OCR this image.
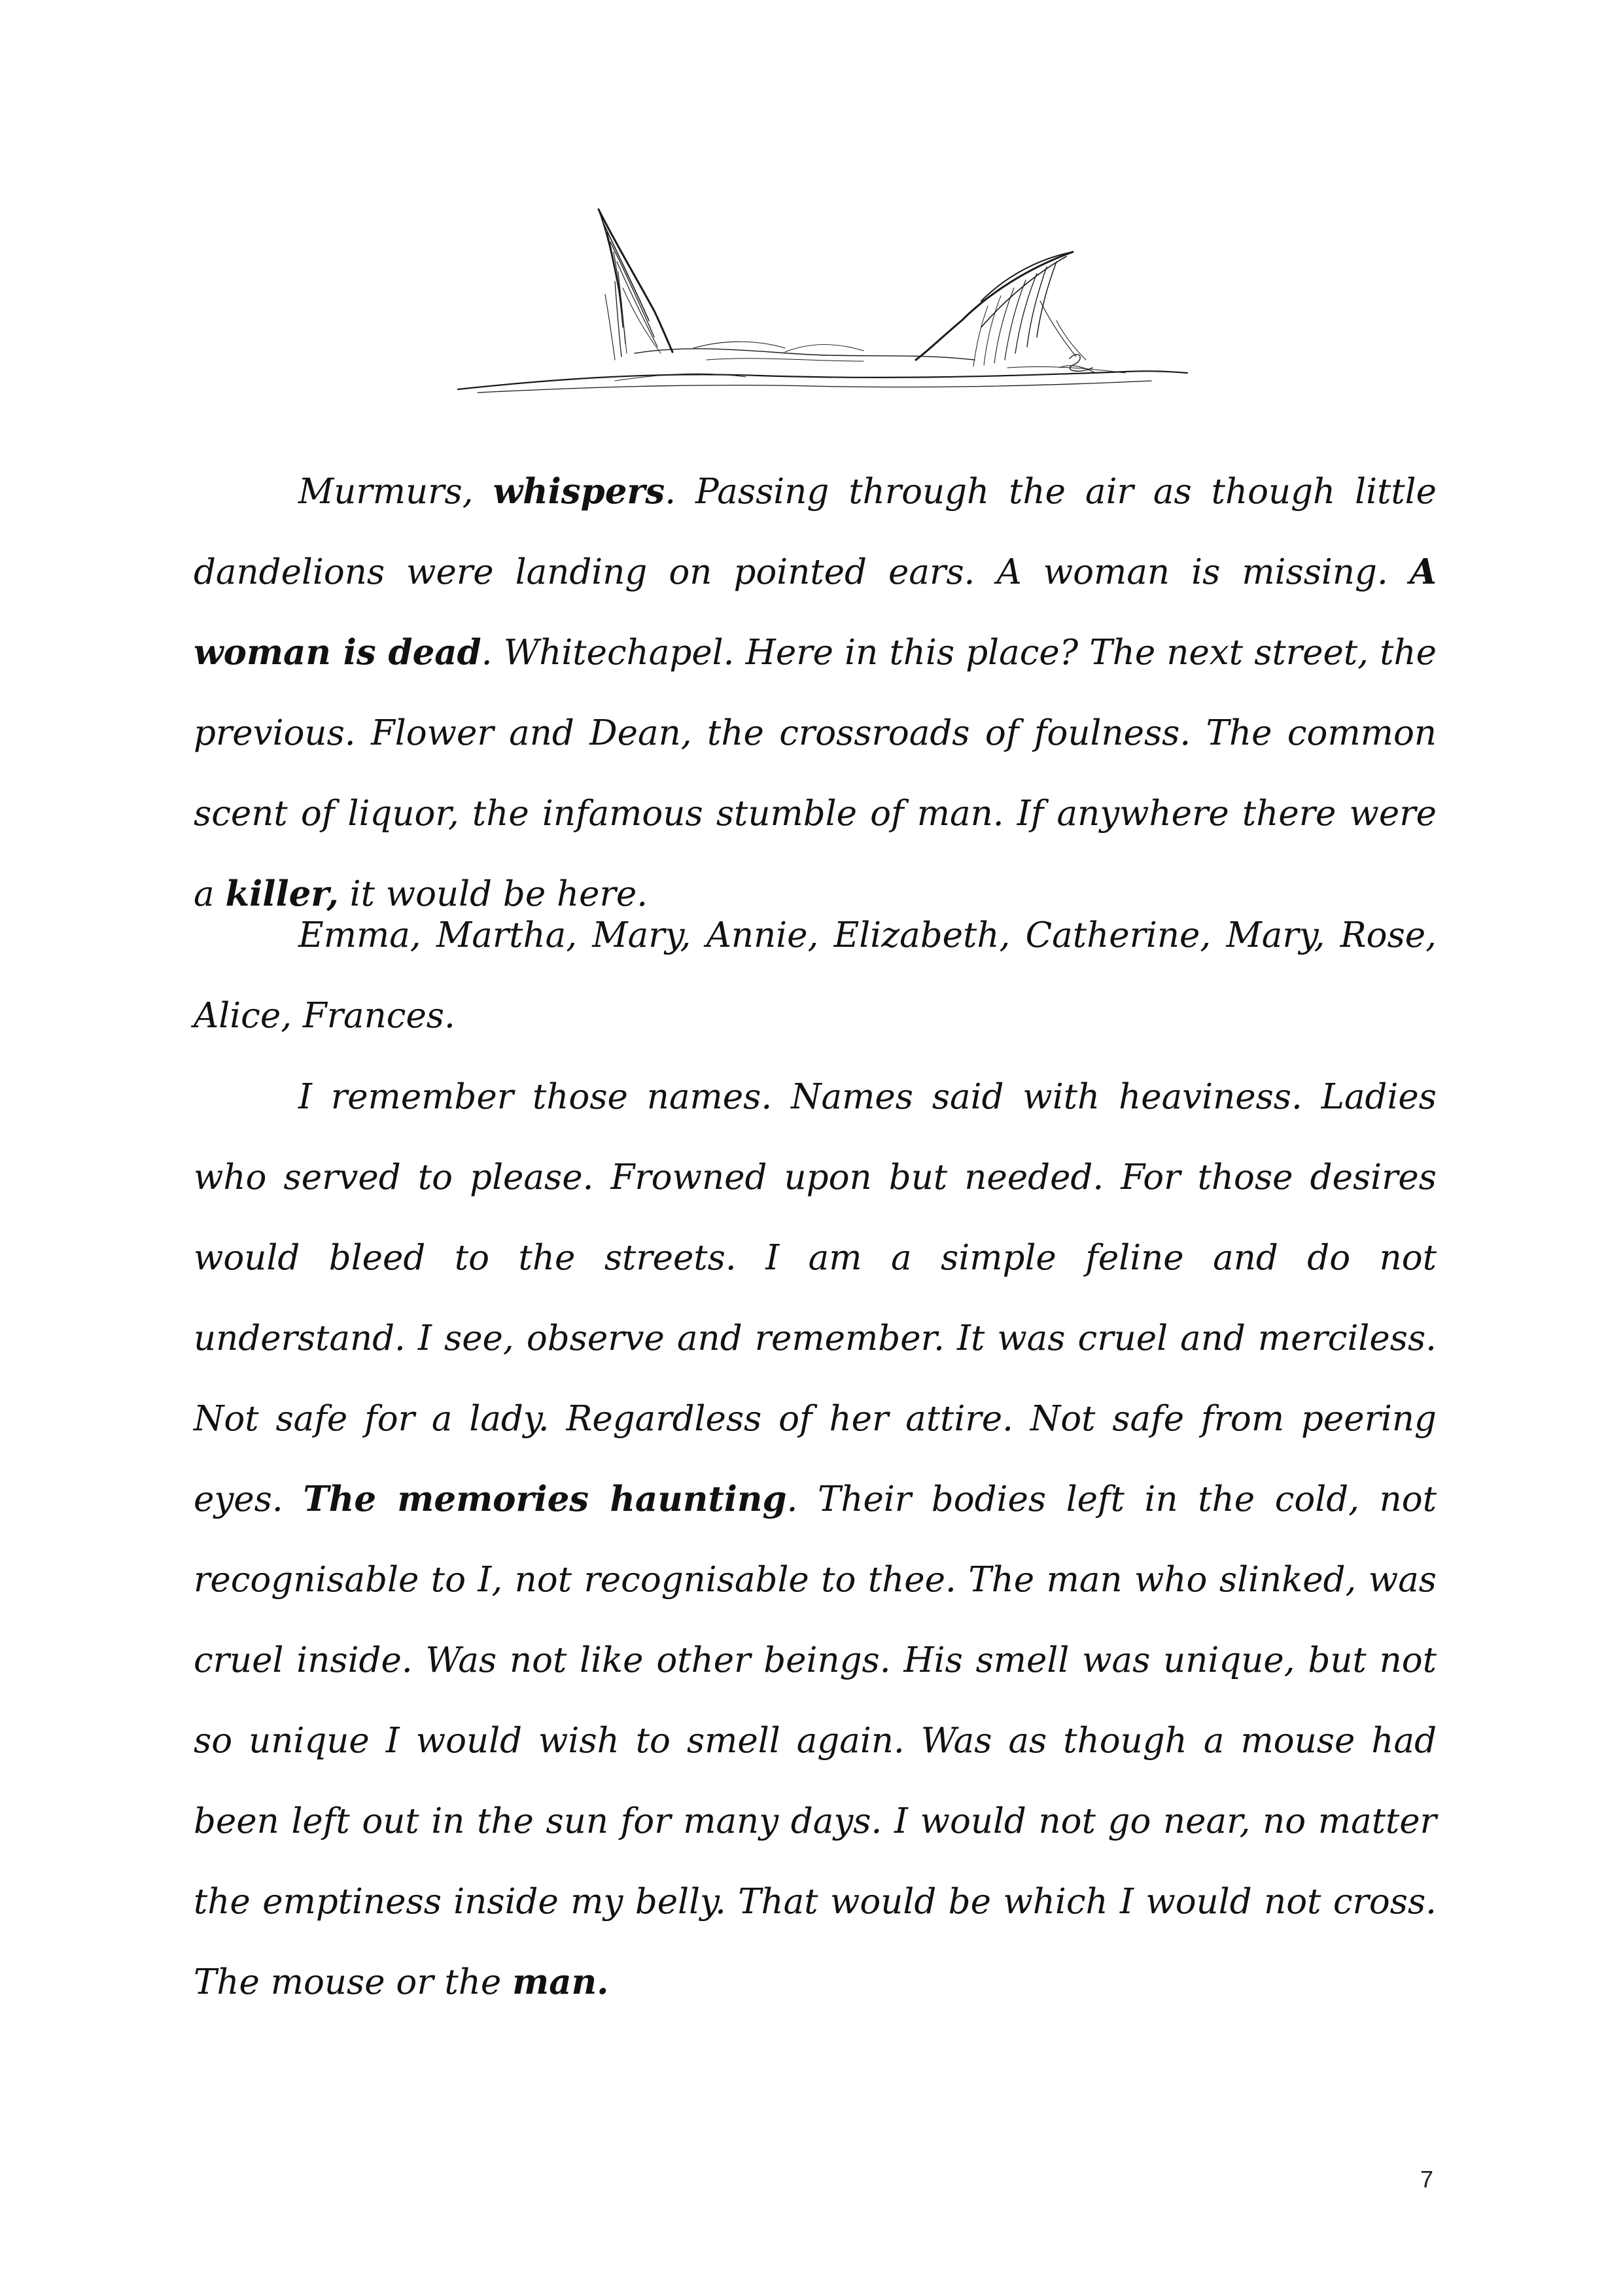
Murmurs, whispers. Passing through the air as though little dandelions were landing on pointed ears. A woman is missing. A woman is dead. Whitechapel. Here in this place? The next street, the previous. Flower and Dean, the crossroads of foulness. The common scent of liquor, the infamous stumble of man. If anywhere there were a killer, it would be here.

Emma, Martha, Mary, Annie, Elizabeth, Catherine, Mary, Rose, Alice, Frances.

I remember those names. Names said with heaviness. Ladies who served to please. Frowned upon but needed. For those desires would bleed to the streets. I am a simple feline and do not understand. I see, observe and remember. It was cruel and merciless. Not safe for a lady. Regardless of her attire. Not safe from peering eyes. The memories haunting. Their bodies left in the cold, not recognisable to I, not recognisable to thee. The man who slinked, was cruel inside. Was not like other beings. His smell was unique, but not so unique I would wish to smell again. Was as though a mouse had been left out in the sun for many days. I would not go near, no matter the emptiness inside my belly. That would be which I would not cross. The mouse or the man.

7
